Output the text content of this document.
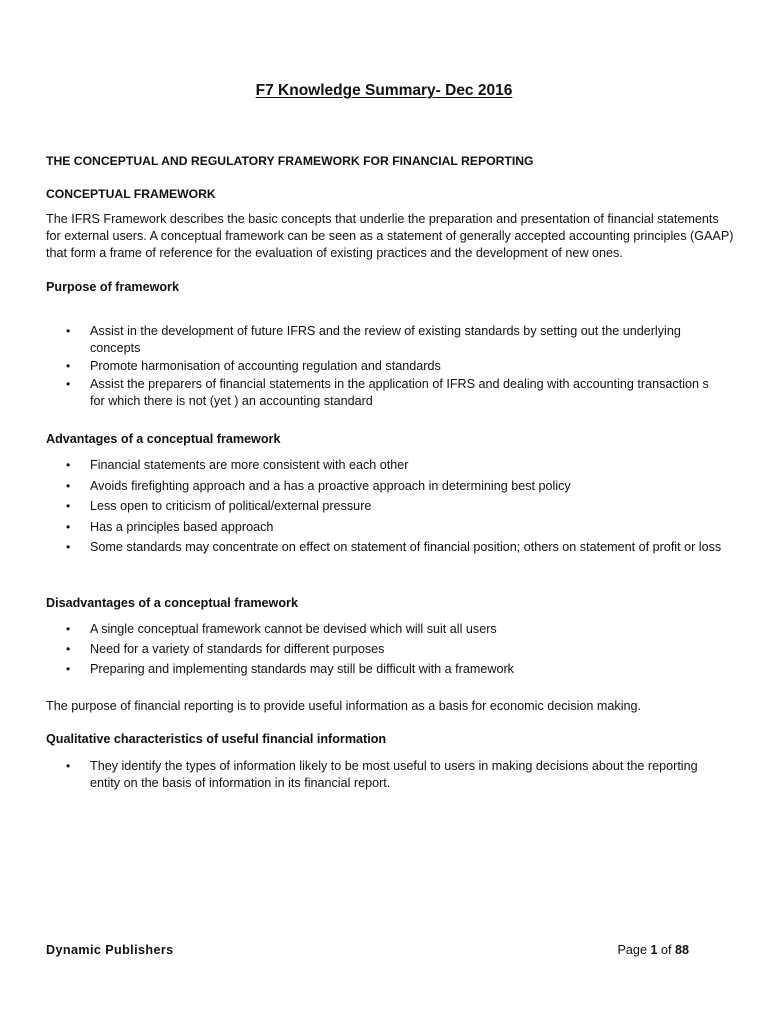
F7 Knowledge Summary- Dec 2016
THE CONCEPTUAL AND REGULATORY FRAMEWORK FOR FINANCIAL REPORTING
CONCEPTUAL FRAMEWORK
The IFRS Framework describes the basic concepts that underlie the preparation and presentation of financial statements for external users. A conceptual framework can be seen as a statement of generally accepted accounting principles (GAAP) that form a frame of reference for the evaluation of existing practices and the development of new ones.
Purpose of framework
• Assist in the development of future IFRS and the review of existing standards by setting out the underlying concepts
• Promote harmonisation of accounting regulation and standards
• Assist the preparers of financial statements in the application of IFRS and dealing with accounting transaction s for which there is not (yet ) an accounting standard
Advantages of a conceptual framework
• Financial statements are more consistent with each other
• Avoids firefighting approach and a has a proactive approach in determining best policy
• Less open to criticism of political/external pressure
• Has a principles based approach
• Some standards may concentrate on effect on statement of financial position; others on statement of profit or loss
Disadvantages of a conceptual framework
• A single conceptual framework cannot be devised which will suit all users
• Need for a variety of standards for different purposes
• Preparing and implementing standards may still be difficult with a framework
The purpose of financial reporting is to provide useful information as a basis for economic decision making.
Qualitative characteristics of useful financial information
• They identify the types of information likely to be most useful to users in making decisions about the reporting entity on the basis of information in its financial report.
Dynamic Publishers	Page 1 of 88
